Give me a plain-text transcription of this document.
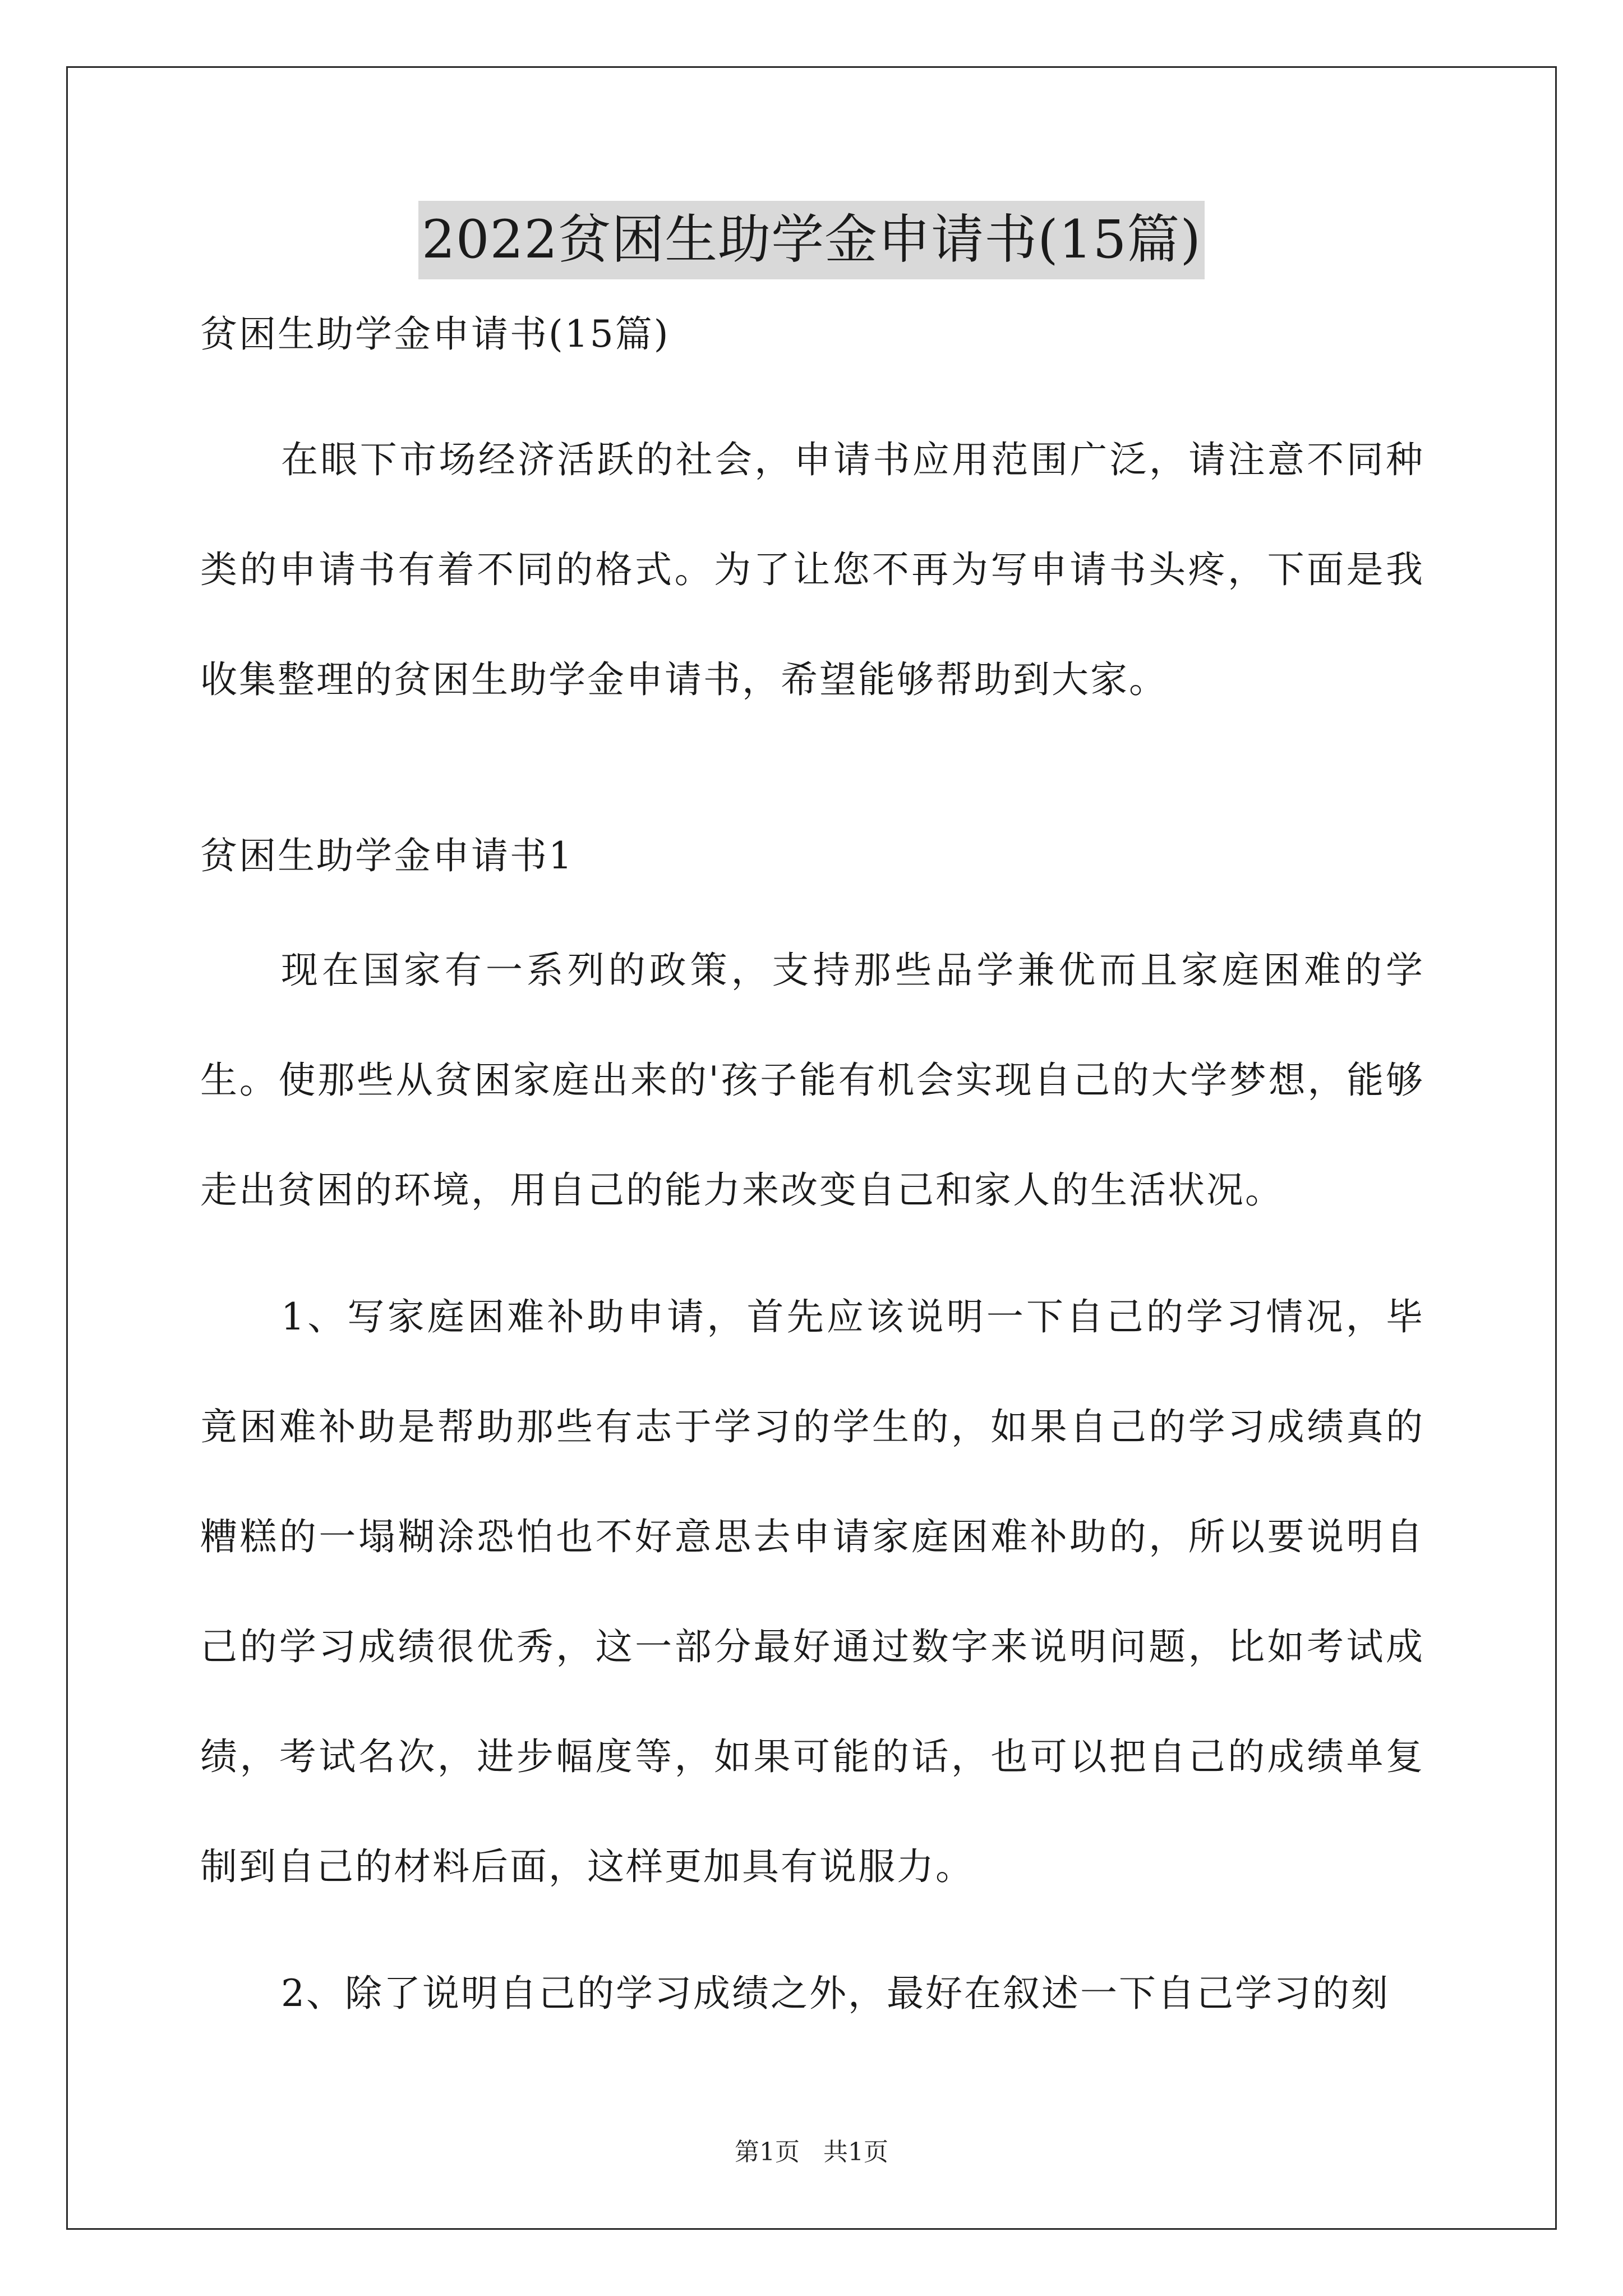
2022贫困生助学金申请书(15篇)

贫困生助学金申请书(15篇)

在眼下市场经济活跃的社会，申请书应用范围广泛，请注意不同种类的申请书有着不同的格式。为了让您不再为写申请书头疼，下面是我收集整理的贫困生助学金申请书，希望能够帮助到大家。

贫困生助学金申请书1

现在国家有一系列的政策，支持那些品学兼优而且家庭困难的学生。使那些从贫困家庭出来的'孩子能有机会实现自己的大学梦想，能够走出贫困的环境，用自己的能力来改变自己和家人的生活状况。

1、写家庭困难补助申请，首先应该说明一下自己的学习情况，毕竟困难补助是帮助那些有志于学习的学生的，如果自己的学习成绩真的糟糕的一塌糊涂恐怕也不好意思去申请家庭困难补助的，所以要说明自己的学习成绩很优秀，这一部分最好通过数字来说明问题，比如考试成绩，考试名次，进步幅度等，如果可能的话，也可以把自己的成绩单复制到自己的材料后面，这样更加具有说服力。

2、除了说明自己的学习成绩之外，最好在叙述一下自己学习的刻

第1页 共1页
